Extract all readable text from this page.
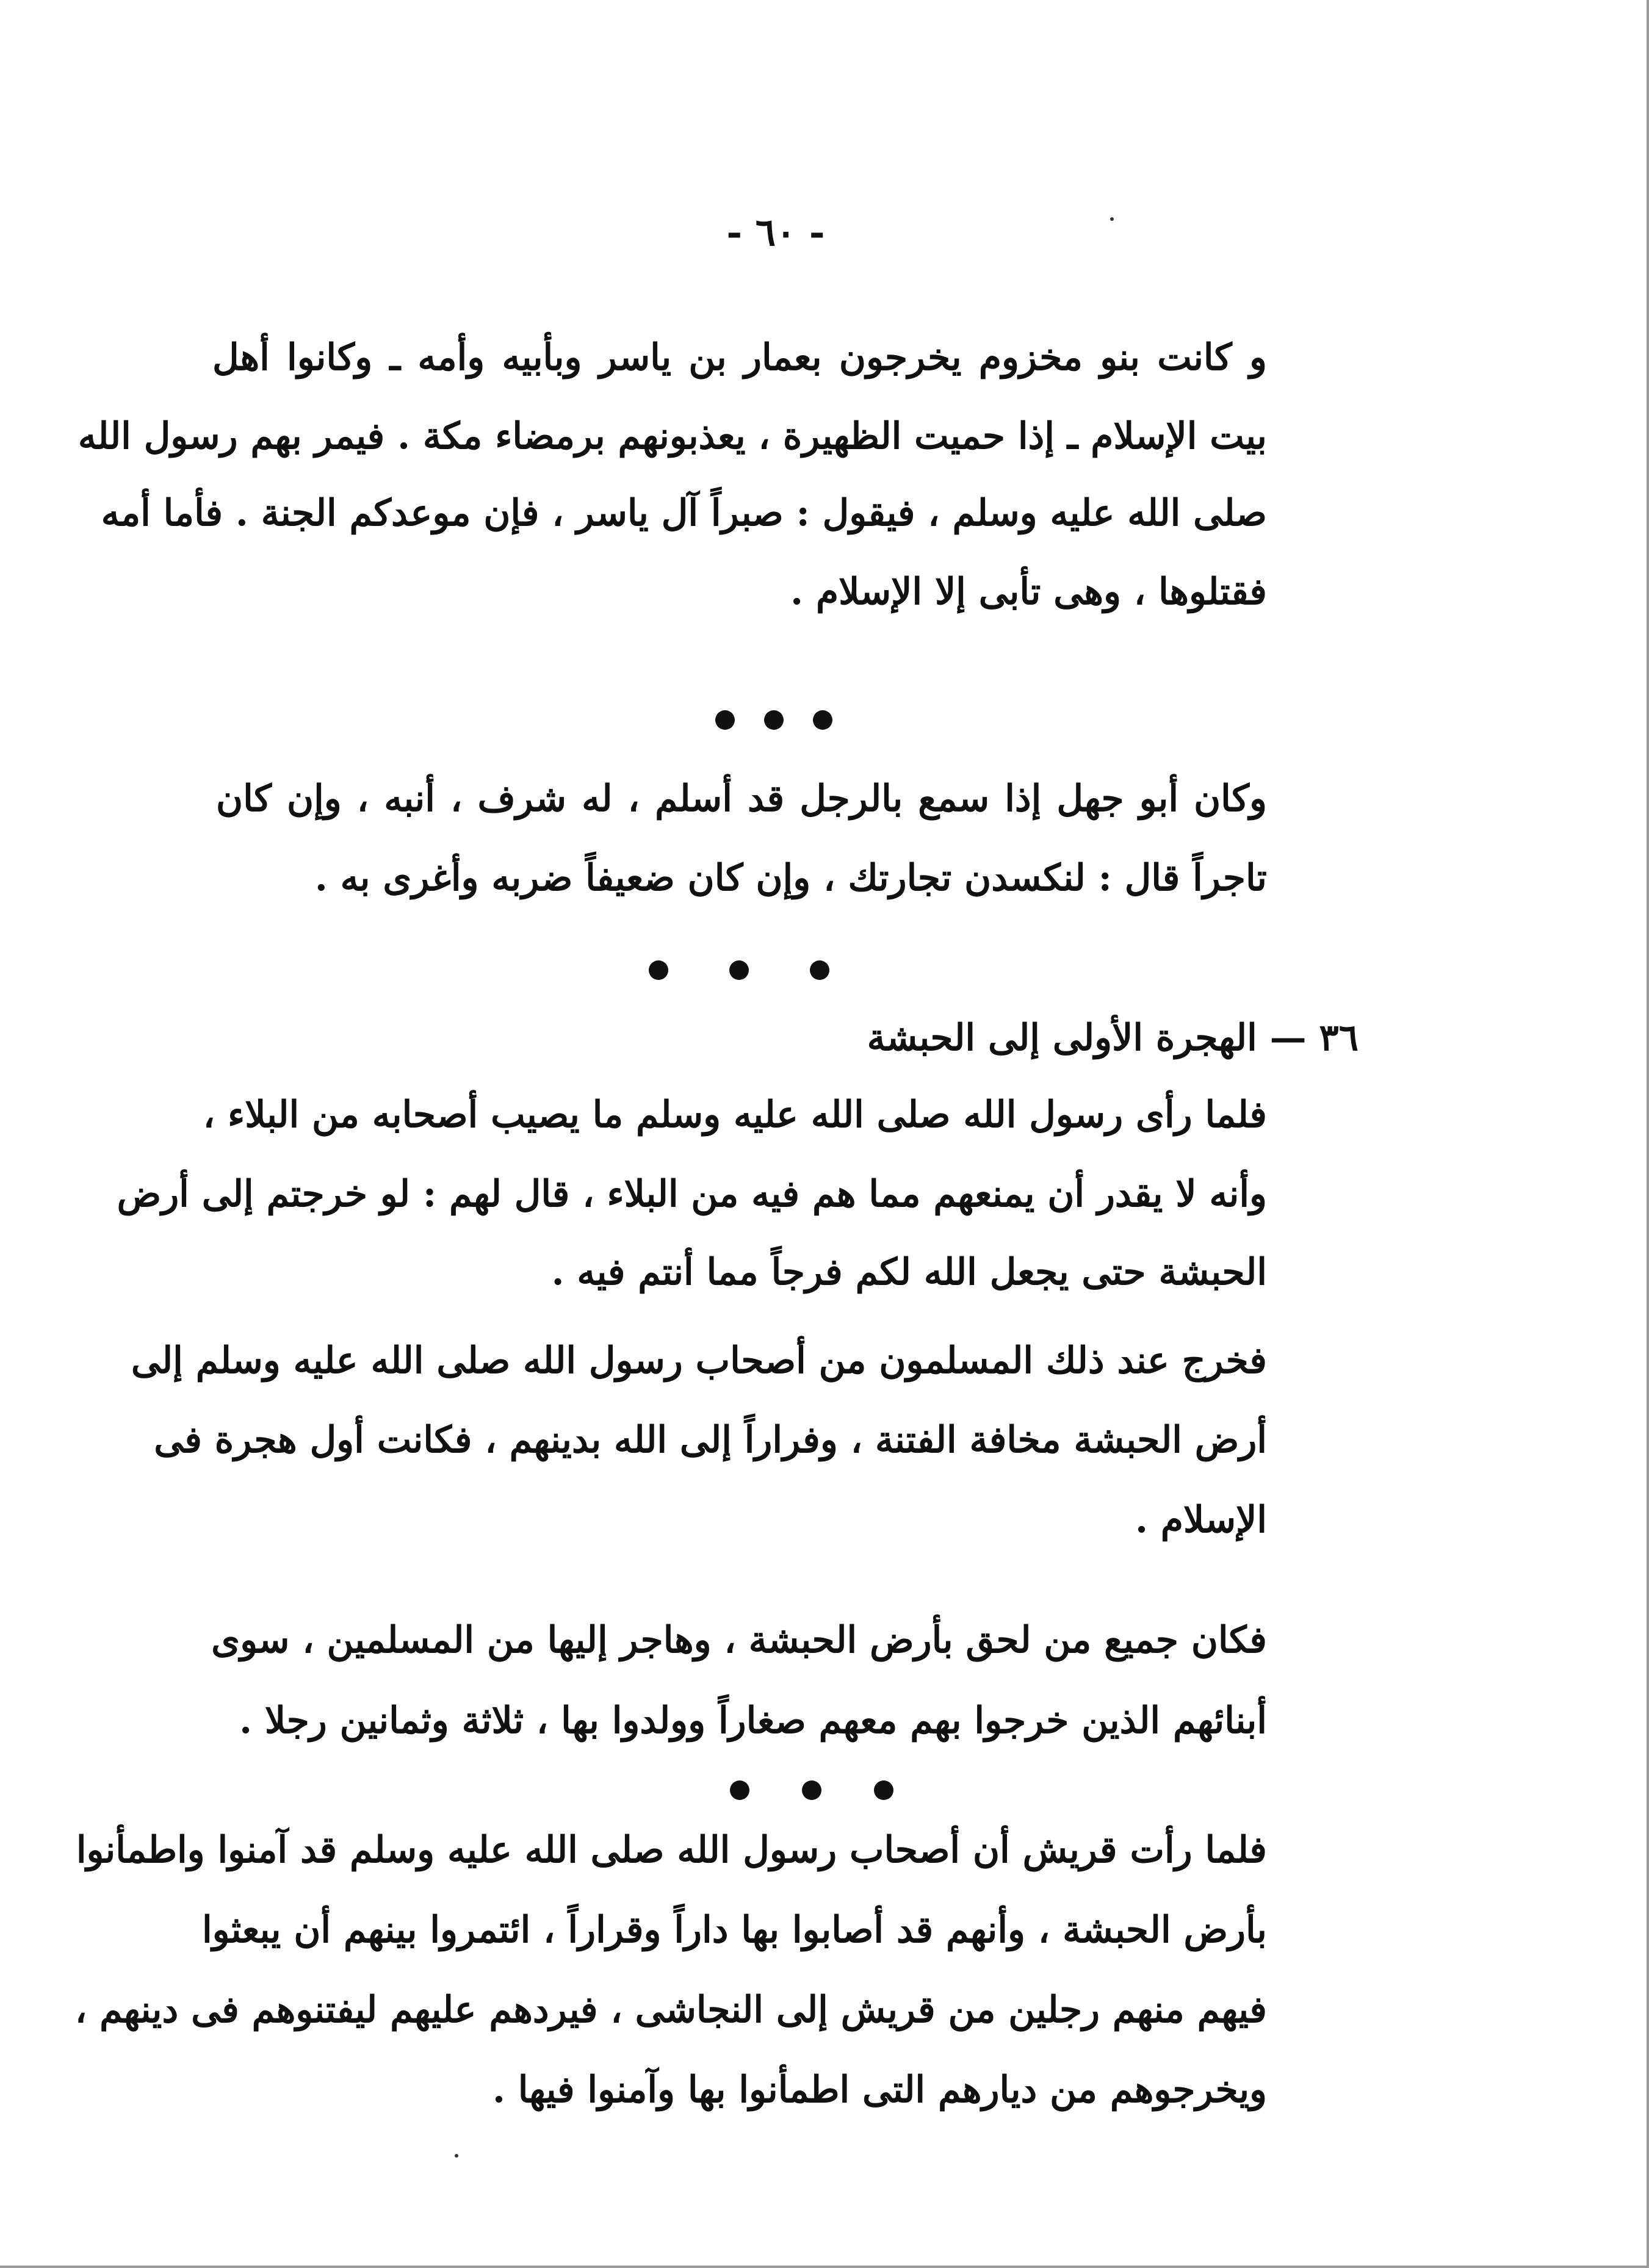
- ٦٠ -

و كانت بنو مخزوم يخرجون بعمار بن ياسر وبأبيه وأمه ـ وكانوا أهل

بيت الإسلام ـ إذا حميت الظهيرة ، يعذبونهم برمضاء مكة . فيمر بهم رسول الله

صلى الله عليه وسلم ، فيقول : صبراً آل ياسر ، فإن موعدكم الجنة . فأما أمه

فقتلوها ، وهى تأبى إلا الإسلام .

وكان أبو جهل إذا سمع بالرجل قد أسلم ، له شرف ، أنبه ، وإن كان

تاجراً قال : لنكسدن تجارتك ، وإن كان ضعيفاً ضربه وأغرى به .

٣٦ — الهجرة الأولى إلى الحبشة

فلما رأى رسول الله صلى الله عليه وسلم ما يصيب أصحابه من البلاء ،

وأنه لا يقدر أن يمنعهم مما هم فيه من البلاء ، قال لهم : لو خرجتم إلى أرض

الحبشة حتى يجعل الله لكم فرجاً مما أنتم فيه .

فخرج عند ذلك المسلمون من أصحاب رسول الله صلى الله عليه وسلم إلى

أرض الحبشة مخافة الفتنة ، وفراراً إلى الله بدينهم ، فكانت أول هجرة فى

الإسلام .

فكان جميع من لحق بأرض الحبشة ، وهاجر إليها من المسلمين ، سوى

أبنائهم الذين خرجوا بهم معهم صغاراً وولدوا بها ، ثلاثة وثمانين رجلا .

فلما رأت قريش أن أصحاب رسول الله صلى الله عليه وسلم قد آمنوا واطمأنوا

بأرض الحبشة ، وأنهم قد أصابوا بها داراً وقراراً ، ائتمروا بينهم أن يبعثوا

فيهم منهم رجلين من قريش إلى النجاشى ، فيردهم عليهم ليفتنوهم فى دينهم ،

ويخرجوهم من ديارهم التى اطمأنوا بها وآمنوا فيها .
